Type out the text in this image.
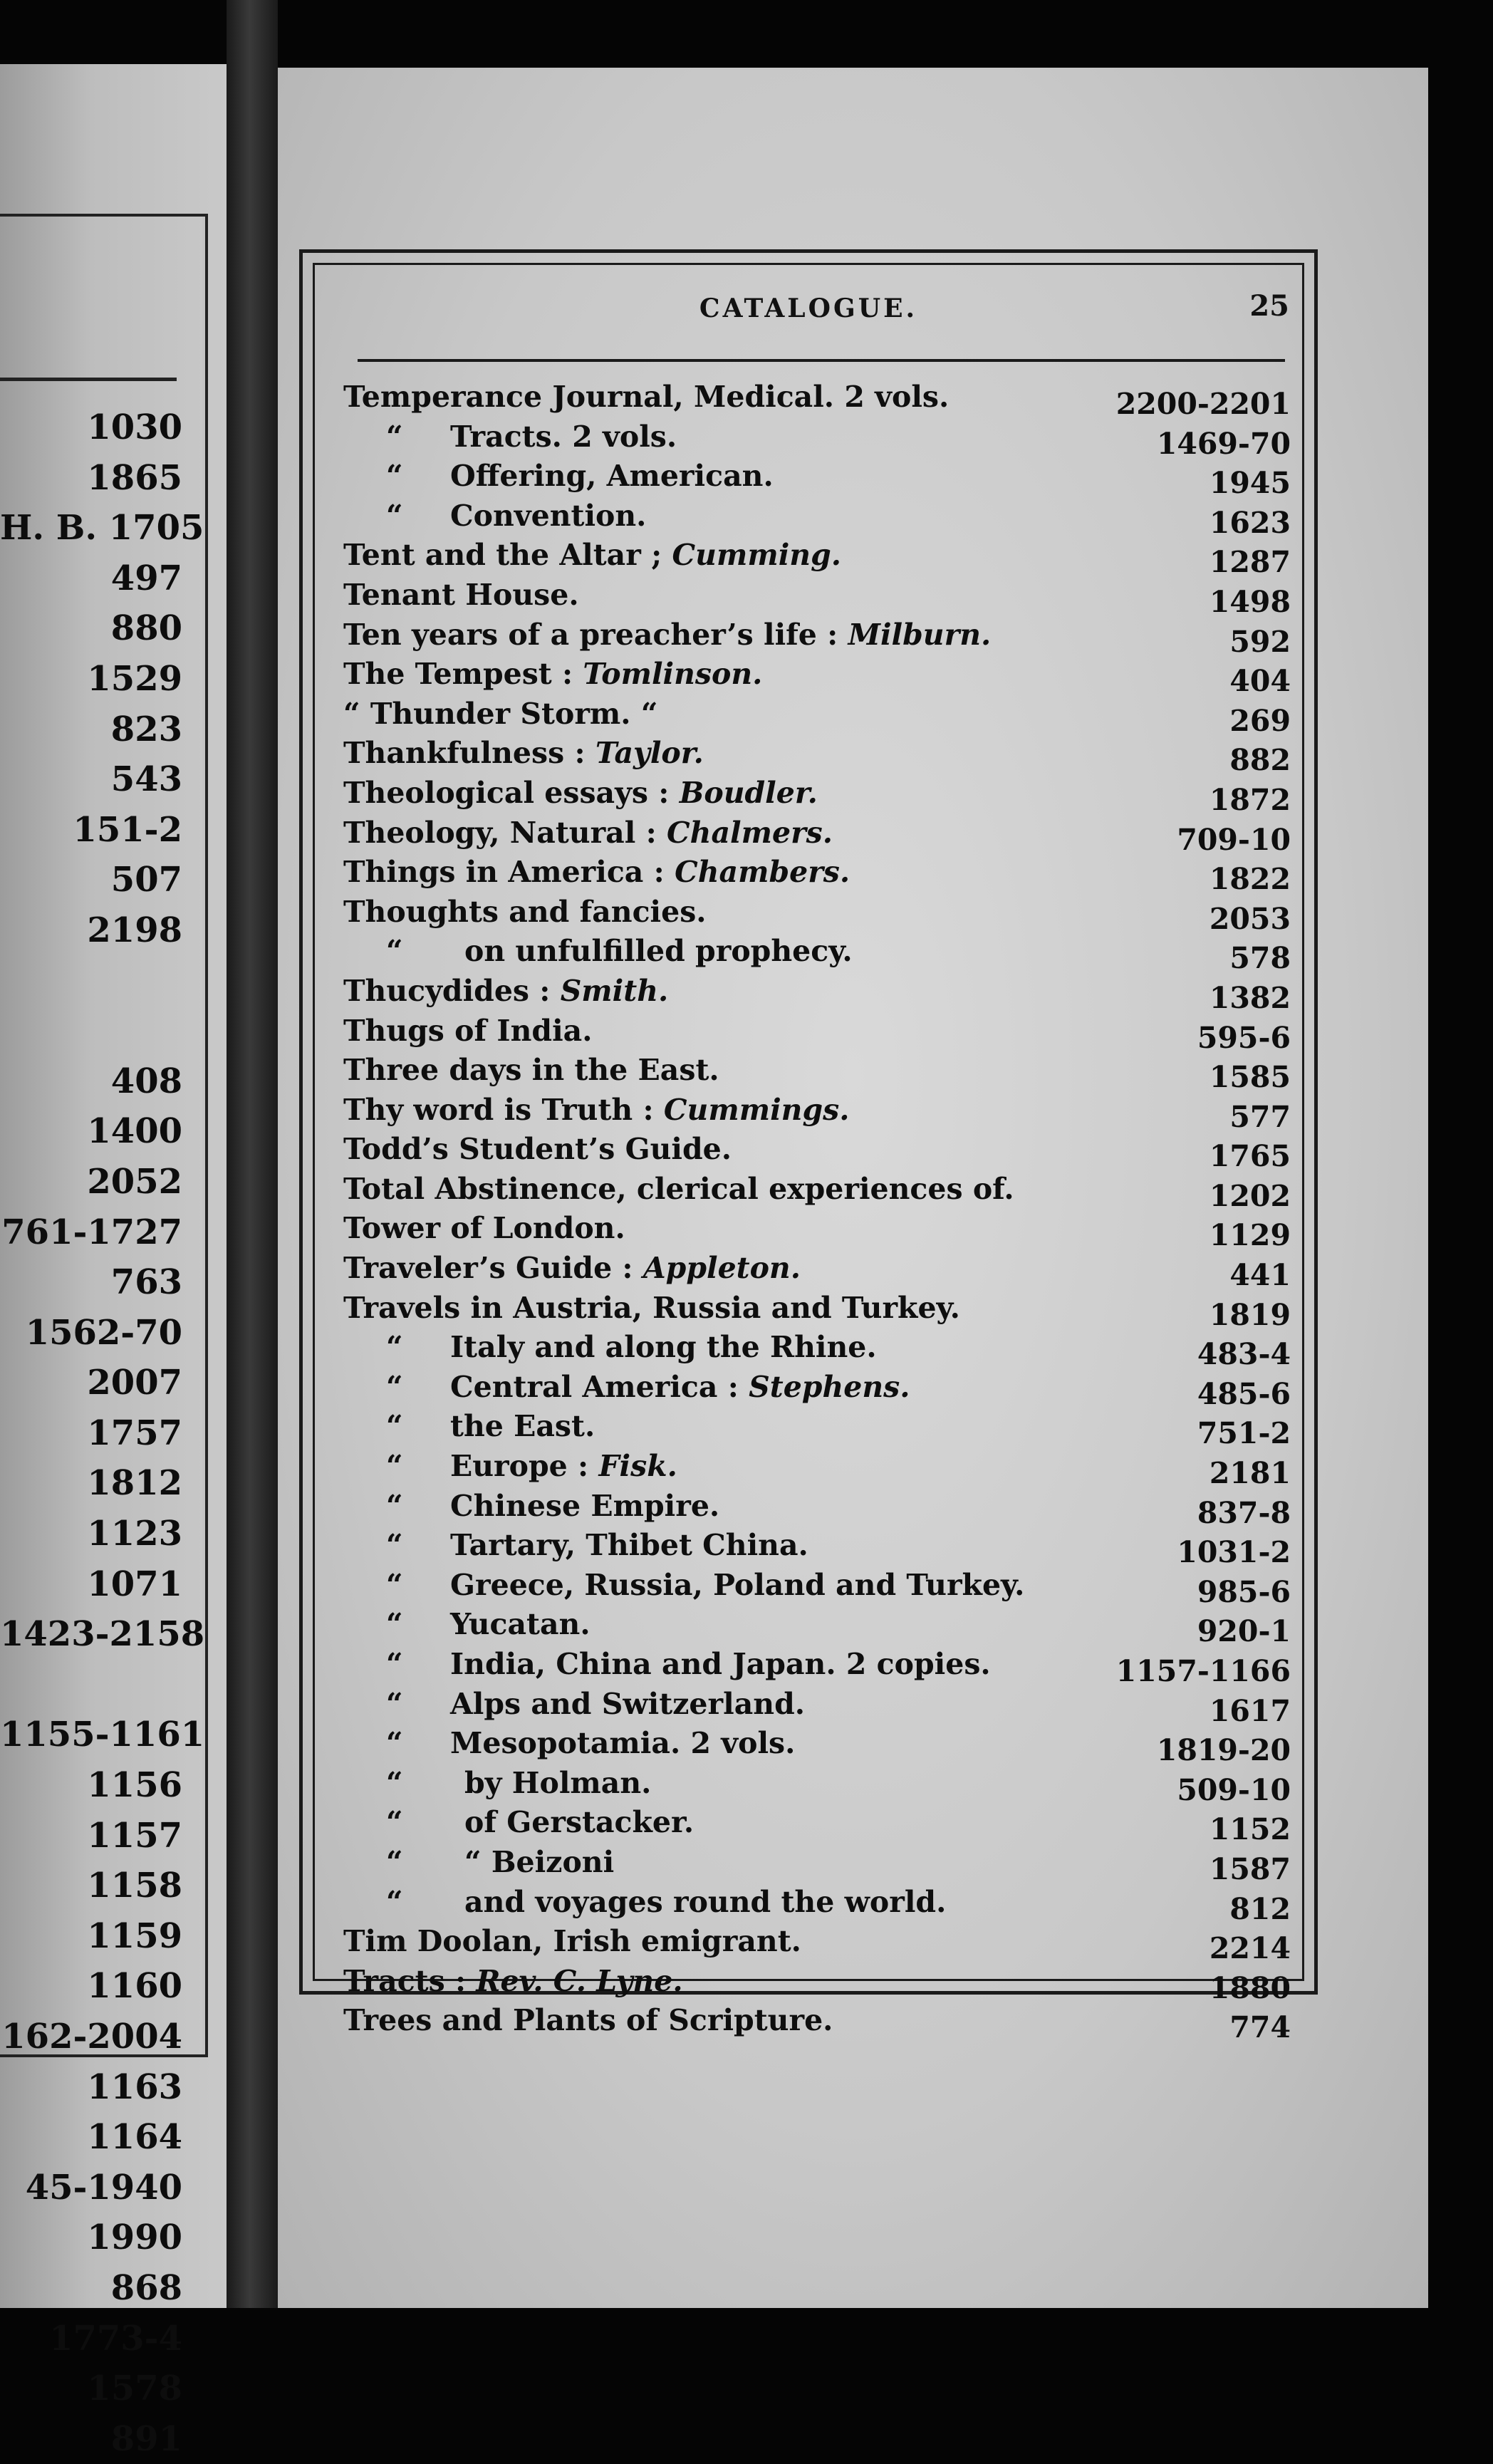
1030
1865
H. B. 1705
497
880
1529
823
543
151-2
507
2198
408
1400
2052
761-1727
763
1562-70
2007
1757
1812
1123
1071
1423-2158
1155-1161
1156
1157
1158
1159
1160
162-2004
1163
1164
45-1940
1990
868
1773-4
1578
891
CATALOGUE.	25
Temperance Journal, Medical. 2 vols.	2200-2201
“ Tracts. 2 vols.	1469-70
“ Offering, American.	1945
“ Convention.	1623
Tent and the Altar ; Cumming.	1287
Tenant House.	1498
Ten years of a preacher’s life : Milburn.	592
The Tempest : Tomlinson.	404
“ Thunder Storm. “	269
Thankfulness : Taylor.	882
Theological essays : Boudler.	1872
Theology, Natural : Chalmers.	709-10
Things in America : Chambers.	1822
Thoughts and fancies.	2053
“ on unfulfilled prophecy.	578
Thucydides : Smith.	1382
Thugs of India.	595-6
Three days in the East.	1585
Thy word is Truth : Cummings.	577
Todd’s Student’s Guide.	1765
Total Abstinence, clerical experiences of.	1202
Tower of London.	1129
Traveler’s Guide : Appleton.	441
Travels in Austria, Russia and Turkey.	1819
“ Italy and along the Rhine.	483-4
“ Central America : Stephens.	485-6
“ the East.	751-2
“ Europe : Fisk.	2181
“ Chinese Empire.	837-8
“ Tartary, Thibet China.	1031-2
“ Greece, Russia, Poland and Turkey.	985-6
“ Yucatan.	920-1
“ India, China and Japan. 2 copies.	1157-1166
“ Alps and Switzerland.	1617
“ Mesopotamia. 2 vols.	1819-20
“ by Holman.	509-10
“ of Gerstacker.	1152
“ “ Beizoni	1587
“ and voyages round the world.	812
Tim Doolan, Irish emigrant.	2214
Tracts : Rev. C. Lyne.	1880
Trees and Plants of Scripture.	774
